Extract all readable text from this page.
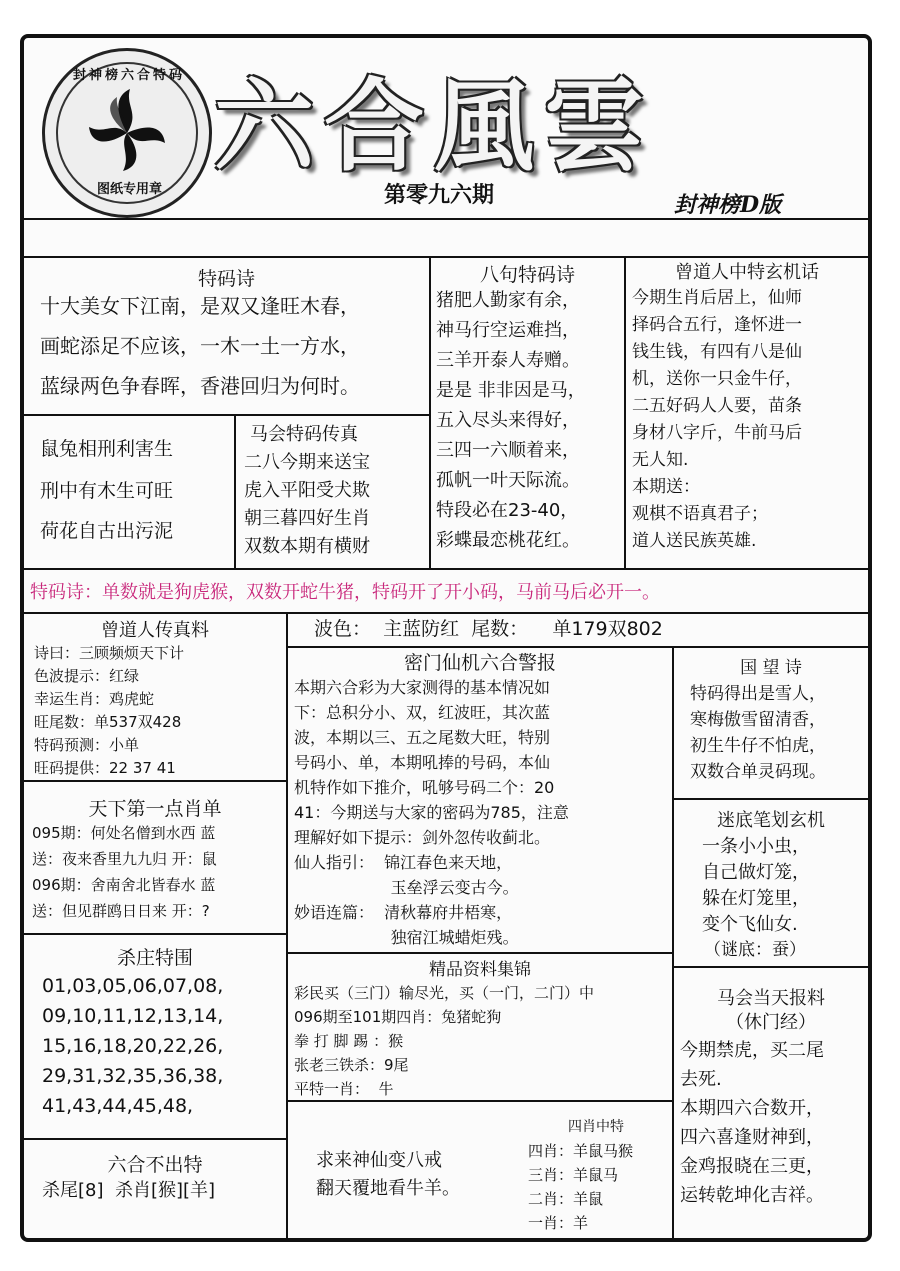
封神榜六合特码
图纸专用章
六合風雲
第零九六期	封神榜D版
特码诗
十大美女下江南，是双又逢旺木春，
画蛇添足不应该，一木一土一方水，
蓝绿两色争春晖，香港回归为何时。
八句特码诗
猪肥人勤家有余，
神马行空运难挡，
三羊开泰人寿赠。
是是 非非因是马，
五入尽头来得好，
三四一六顺着来，
孤帆一叶天际流。
特段必在23-40，
彩蝶最恋桃花红。
曾道人中特玄机话
今期生肖后居上，仙师
择码合五行，逢怀进一
钱生钱，有四有八是仙
机，送你一只金牛仔，
二五好码人人要，苗条
身材八字斤，牛前马后
无人知.
本期送：
观棋不语真君子；
道人送民族英雄.
鼠兔相刑利害生
刑中有木生可旺
荷花自古出污泥
马会特码传真
二八今期来送宝
虎入平阳受犬欺
朝三暮四好生肖
双数本期有横财
特码诗：单数就是狗虎猴，双数开蛇牛猪，特码开了开小码，马前马后必开一。
曾道人传真料
诗曰：三顾频烦天下计
色波提示：红绿
幸运生肖：鸡虎蛇
旺尾数：单537双428
特码预测：小单
旺码提供：22 37 41
波色：  主蓝防红  尾数：    单179双802
密门仙机六合警报
本期六合彩为大家测得的基本情况如
下：总积分小、双，红波旺，其次蓝
波，本期以三、五之尾数大旺，特别
号码小、单，本期吼捧的号码，本仙
机特作如下推介，吼够号码二个：20
41：今期送与大家的密码为785，注意
理解好如下提示：剑外忽传收蓟北。
仙人指引：  锦江春色来天地，
玉垒浮云变古今。
妙语连篇：  清秋幕府井梧寒，
独宿江城蜡炬残。
国 望 诗
特码得出是雪人，
寒梅傲雪留清香，
初生牛仔不怕虎，
双数合单灵码现。
天下第一点肖单
095期：何处名僧到水西 蓝
送：夜来香里九九归 开：鼠
096期：舍南舍北皆春水 蓝
送：但见群鸥日日来 开：?
迷底笔划玄机
一条小小虫，
自己做灯笼，
躲在灯笼里，
变个飞仙女.
（谜底：蚕）
杀庄特围
01,03,05,06,07,08,
09,10,11,12,13,14,
15,16,18,20,22,26,
29,31,32,35,36,38,
41,43,44,45,48,
精品资料集锦
彩民买（三门）输尽光，买（一门，二门）中
096期至101期四肖：兔猪蛇狗
拳 打 脚 踢 ：猴
张老三铁杀：9尾
平特一肖：  牛
马会当天报料
（休门经）
今期禁虎，买二尾
去死.
本期四六合数开，
四六喜逢财神到，
金鸡报晓在三更，
运转乾坤化吉祥。
六合不出特
杀尾[8]  杀肖[猴][羊]
求来神仙变八戒
翻天覆地看牛羊。
四肖中特
四肖：羊鼠马猴
三肖：羊鼠马
二肖：羊鼠
一肖：羊
